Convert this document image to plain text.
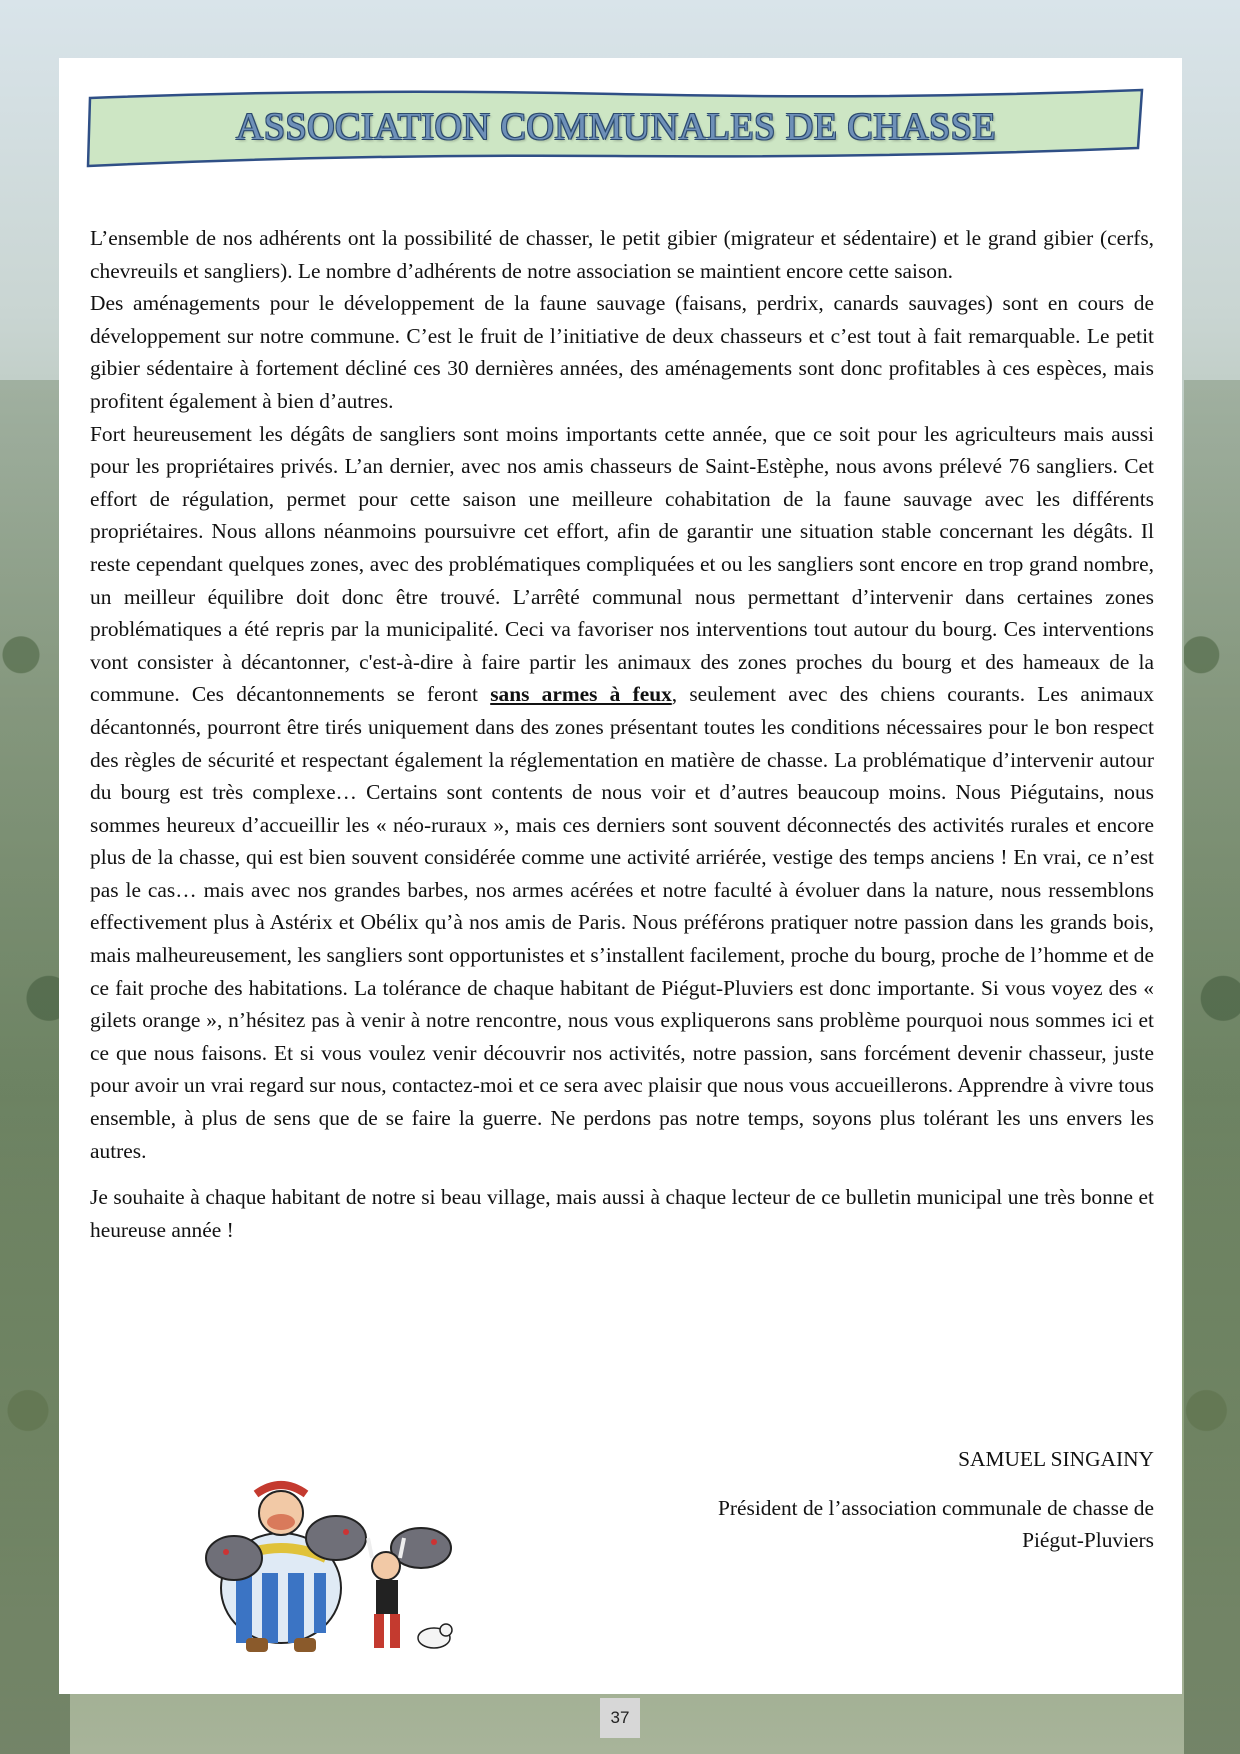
ASSOCIATION COMMUNALES DE CHASSE

L’ensemble de nos adhérents ont la possibilité de chasser, le petit gibier (migrateur et sédentaire) et le grand gibier (cerfs, chevreuils et sangliers). Le nombre d’adhérents de notre association se maintient encore cette saison.

Des aménagements pour le développement de la faune sauvage (faisans, perdrix, canards sauvages) sont en cours de développement sur notre commune. C’est le fruit de l’initiative de deux chasseurs et c’est tout à fait remarquable. Le petit gibier sédentaire à fortement décliné ces 30 dernières années, des aménagements sont donc profitables à ces espèces, mais profitent également à bien d’autres.

Fort heureusement les dégâts de sangliers sont moins importants cette année, que ce soit pour les agriculteurs mais aussi pour les propriétaires privés. L’an dernier, avec nos amis chasseurs de Saint-Estèphe, nous avons prélevé 76 sangliers. Cet effort de régulation, permet pour cette saison une meilleure cohabitation de la faune sauvage avec les différents propriétaires. Nous allons néanmoins poursuivre cet effort, afin de garantir une situation stable concernant les dégâts. Il reste cependant quelques zones, avec des problématiques compliquées et ou les sangliers sont encore en trop grand nombre, un meilleur équilibre doit donc être trouvé. L’arrêté communal nous permettant d’intervenir dans certaines zones problématiques a été repris par la municipalité. Ceci va favoriser nos interventions tout autour du bourg. Ces interventions vont consister à décantonner, c'est-à-dire à faire partir les animaux des zones proches du bourg et des hameaux de la commune. Ces décantonnements se feront sans armes à feux, seulement avec des chiens courants. Les animaux décantonnés, pourront être tirés uniquement dans des zones présentant toutes les conditions nécessaires pour le bon respect des règles de sécurité et respectant également la réglementation en matière de chasse. La problématique d’intervenir autour du bourg est très complexe… Certains sont contents de nous voir et d’autres beaucoup moins. Nous Piégutains, nous sommes heureux d’accueillir les « néo-ruraux », mais ces derniers sont souvent déconnectés des activités rurales et encore plus de la chasse, qui est bien souvent considérée comme une activité arriérée, vestige des temps anciens ! En vrai, ce n’est pas le cas… mais avec nos grandes barbes, nos armes acérées et notre faculté à évoluer dans la nature, nous ressemblons effectivement plus à Astérix et Obélix qu’à nos amis de Paris. Nous préférons pratiquer notre passion dans les grands bois, mais malheureusement, les sangliers sont opportunistes et s’installent facilement, proche du bourg, proche de l’homme et de ce fait proche des habitations. La tolérance de chaque habitant de Piégut-Pluviers est donc importante. Si vous voyez des « gilets orange », n’hésitez pas à venir à notre rencontre, nous vous expliquerons sans problème pourquoi nous sommes ici et ce que nous faisons. Et si vous voulez venir découvrir nos activités, notre passion, sans forcément devenir chasseur, juste pour avoir un vrai regard sur nous, contactez-moi et ce sera avec plaisir que nous vous accueillerons. Apprendre à vivre tous ensemble, à plus de sens que de se faire la guerre. Ne perdons pas notre temps, soyons plus tolérant les uns envers les autres.

Je souhaite à chaque habitant de notre si beau village, mais aussi à chaque lecteur de ce bulletin municipal une très bonne et heureuse année !

SAMUEL SINGAINY
Président de l’association communale de chasse de
Piégut-Pluviers
37
